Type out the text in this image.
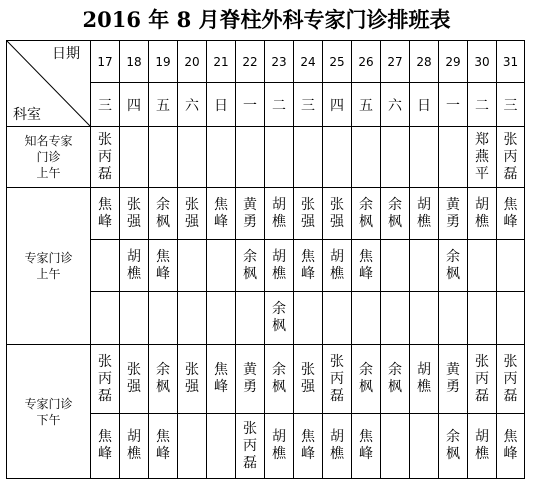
2016 年 8 月脊柱外科专家门诊排班表
日期
科室	17	18	19	20	21	22	23	24	25	26	27	28	29	30	31
	三	四	五	六	日	一	二	三	四	五	六	日	一	二	三
知名专家
门诊
上午	张丙磊													郑燕平	张丙磊
专家门诊
上午	焦峰	张强	余枫	张强	焦峰	黄勇	胡樵	张强	张强	余枫	余枫	胡樵	黄勇	胡樵	焦峰
		胡樵	焦峰			余枫	胡樵	焦峰	胡樵	焦峰			余枫		
							余枫								
专家门诊
下午	张丙磊	张强	余枫	张强	焦峰	黄勇	余枫	张强	张丙磊	余枫	余枫	胡樵	黄勇	张丙磊	张丙磊
	焦峰	胡樵	焦峰			张丙磊	胡樵	焦峰	胡樵	焦峰			余枫	胡樵	焦峰
